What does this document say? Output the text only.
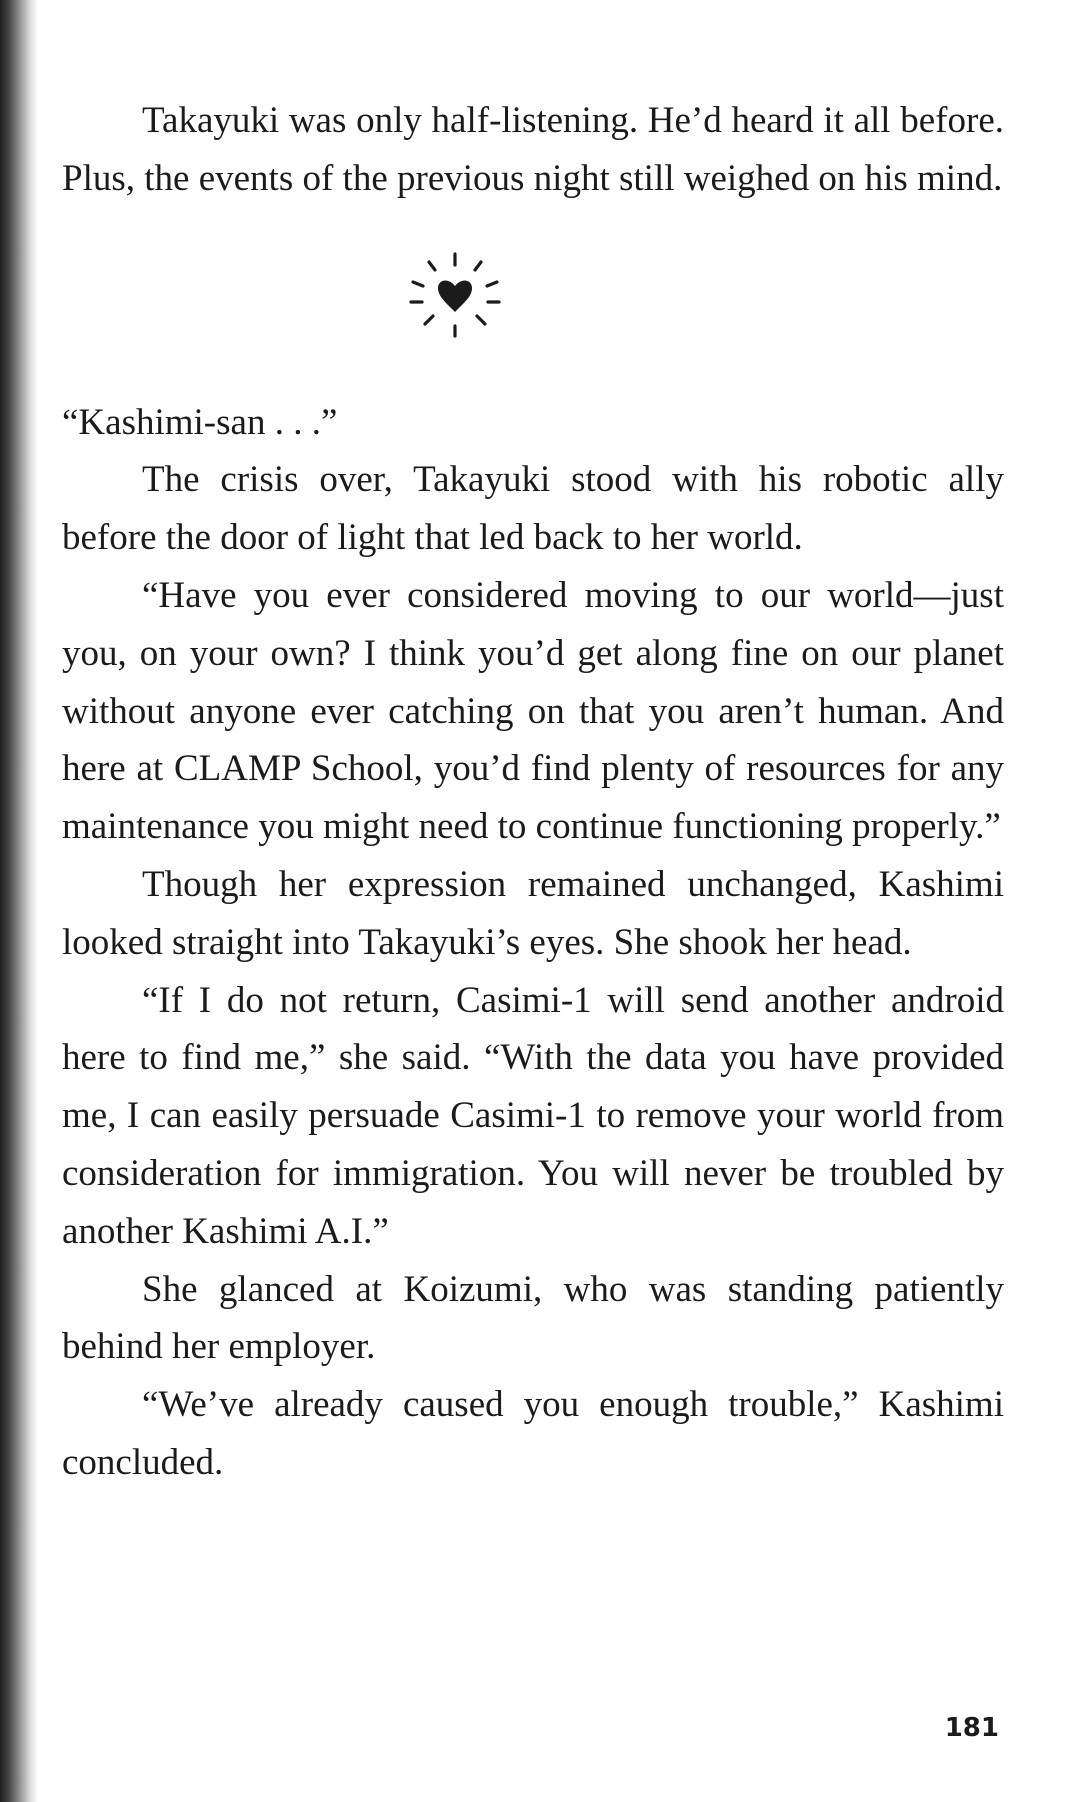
Takayuki was only half-listening. He’d heard it all before. Plus, the events of the previous night still weighed on his mind.

“Kashimi-san . . .”

The crisis over, Takayuki stood with his robotic ally before the door of light that led back to her world.

“Have you ever considered moving to our world—just you, on your own? I think you’d get along fine on our planet without anyone ever catching on that you aren’t human. And here at CLAMP School, you’d find plenty of resources for any maintenance you might need to continue functioning properly.”

Though her expression remained unchanged, Kashimi looked straight into Takayuki’s eyes. She shook her head.

“If I do not return, Casimi-1 will send another android here to find me,” she said. “With the data you have provided me, I can easily persuade Casimi-1 to remove your world from consideration for immigration. You will never be troubled by another Kashimi A.I.”

She glanced at Koizumi, who was standing patiently behind her employer.

“We’ve already caused you enough trouble,” Kashimi concluded.

181
